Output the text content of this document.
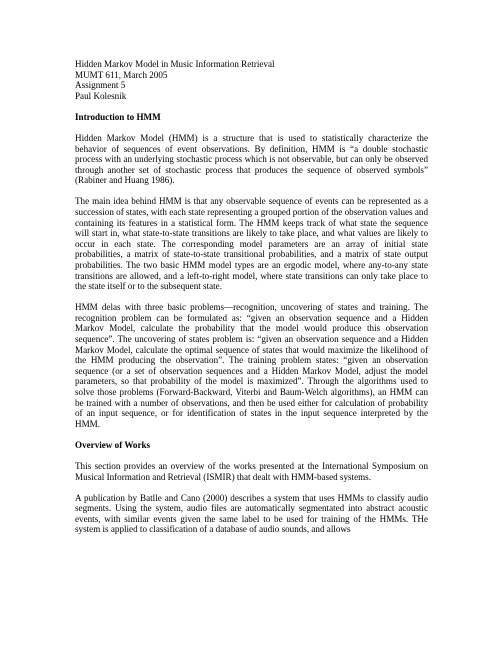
Hidden Markov Model in Music Information Retrieval
MUMT 611, March 2005
Assignment 5
Paul Kolesnik
Introduction to HMM

Hidden Markov Model (HMM) is a structure that is used to statistically characterize the behavior of sequences of event observations. By definition, HMM is “a double stochastic process with an underlying stochastic process which is not observable, but can only be observed through another set of stochastic process that produces the sequence of observed symbols” (Rabiner and Huang 1986).

The main idea behind HMM is that any observable sequence of events can be represented as a succession of states, with each state representing a grouped portion of the observation values and containing its features in a statistical form. The HMM keeps track of what state the sequence will start in, what state-to-state transitions are likely to take place, and what values are likely to occur in each state. The corresponding model parameters are an array of initial state probabilities, a matrix of state-to-state transitional probabilities, and a matrix of state output probabilities. The two basic HMM model types are an ergodic model, where any-to-any state transitions are allowed, and a left-to-right model, where state transitions can only take place to the state itself or to the subsequent state.

HMM delas with three basic problems—recognition, uncovering of states and training. The recognition problem can be formulated as: “given an observation sequence and a Hidden Markov Model, calculate the probability that the model would produce this observation sequence”. The uncovering of states problem is: “given an observation sequence and a Hidden Markov Model, calculate the optimal sequence of states that would maximize the likelihood of the HMM producing the observation”. The training problem states: “given an observation sequence (or a set of observation sequences and a Hidden Markov Model, adjust the model parameters, so that probability of the model is maximized”. Through the algorithms used to solve those problems (Forward-Backward, Viterbi and Baum-Welch algorithms), an HMM can be trained with a number of observations, and then be used either for calculation of probability of an input sequence, or for identification of states in the input sequence interpreted by the HMM.

Overview of Works

This section provides an overview of the works presented at the International Symposium on Musical Information and Retrieval (ISMIR) that dealt with HMM-based systems.

A publication by Batlle and Cano (2000) describes a system that uses HMMs to classify audio segments. Using the system, audio files are automatically segmentated into abstract acoustic events, with similar events given the same label to be used for training of the HMMs. THe system is applied to classification of a database of audio sounds, and allows
